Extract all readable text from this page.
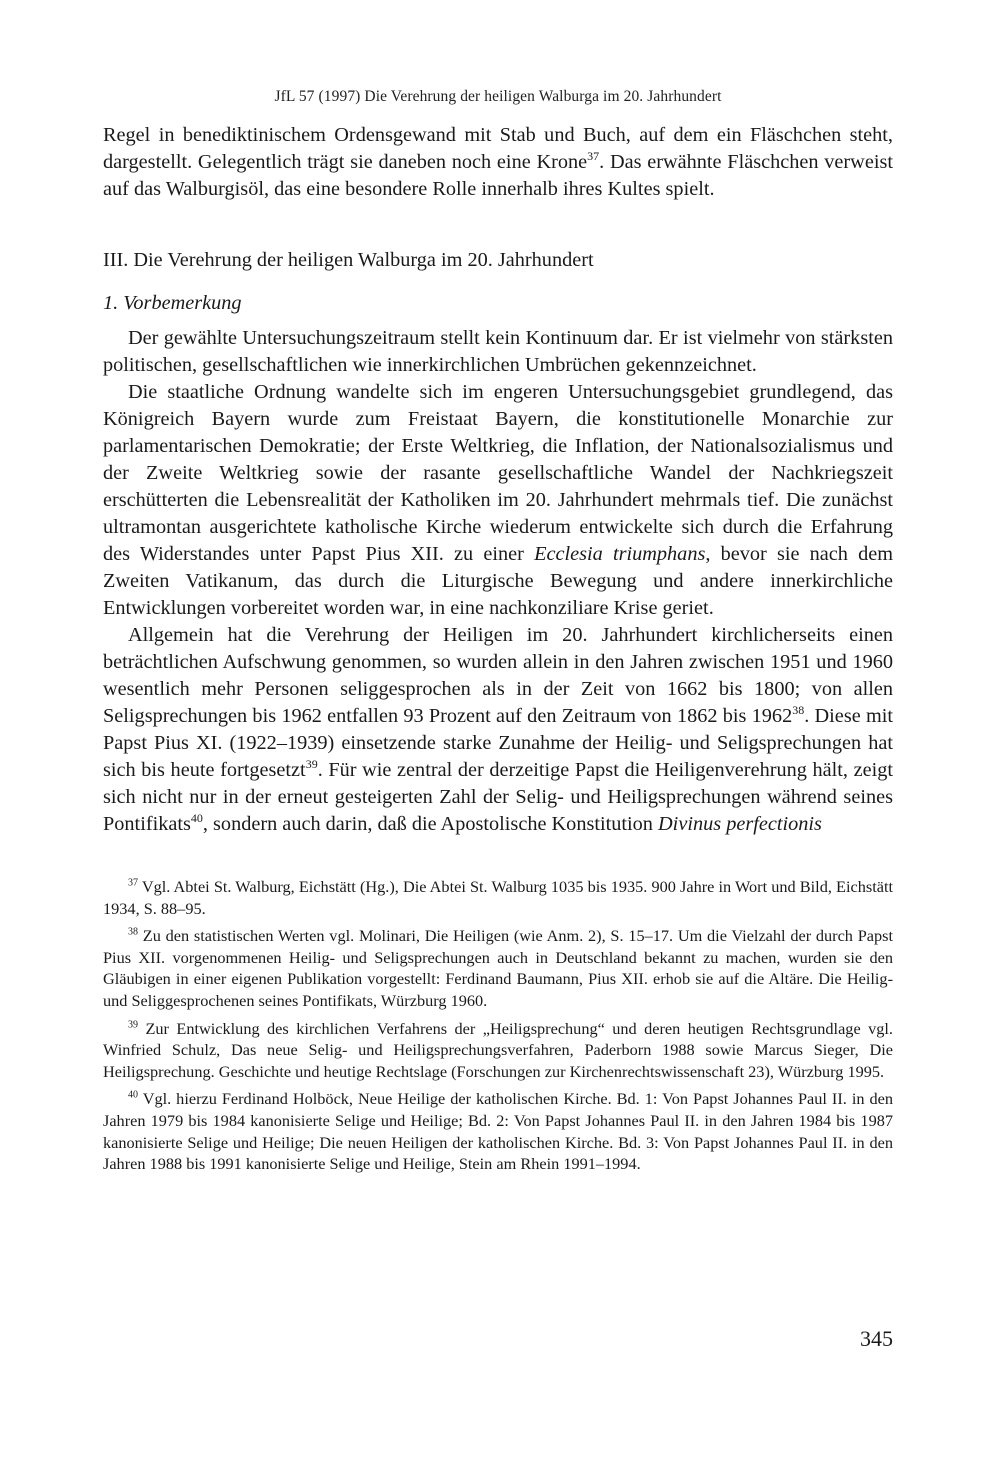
JfL 57 (1997) Die Verehrung der heiligen Walburga im 20. Jahrhundert

Regel in benediktinischem Ordensgewand mit Stab und Buch, auf dem ein Fläschchen steht, dargestellt. Gelegentlich trägt sie daneben noch eine Krone$^{37}$. Das erwähnte Fläschchen verweist auf das Walburgisöl, das eine besondere Rolle innerhalb ihres Kultes spielt.

III. Die Verehrung der heiligen Walburga im 20. Jahrhundert
1. Vorbemerkung

Der gewählte Untersuchungszeitraum stellt kein Kontinuum dar. Er ist vielmehr von stärksten politischen, gesellschaftlichen wie innerkirchlichen Umbrüchen gekennzeichnet.

Die staatliche Ordnung wandelte sich im engeren Untersuchungsgebiet grundlegend, das Königreich Bayern wurde zum Freistaat Bayern, die konstitutionelle Monarchie zur parlamentarischen Demokratie; der Erste Weltkrieg, die Inflation, der Nationalsozialismus und der Zweite Weltkrieg sowie der rasante gesellschaftliche Wandel der Nachkriegszeit erschütterten die Lebensrealität der Katholiken im 20. Jahrhundert mehrmals tief. Die zunächst ultramontan ausgerichtete katholische Kirche wiederum entwickelte sich durch die Erfahrung des Widerstandes unter Papst Pius XII. zu einer Ecclesia triumphans, bevor sie nach dem Zweiten Vatikanum, das durch die Liturgische Bewegung und andere innerkirchliche Entwicklungen vorbereitet worden war, in eine nachkonziliare Krise geriet.

Allgemein hat die Verehrung der Heiligen im 20. Jahrhundert kirchlicherseits einen beträchtlichen Aufschwung genommen, so wurden allein in den Jahren zwischen 1951 und 1960 wesentlich mehr Personen seliggesprochen als in der Zeit von 1662 bis 1800; von allen Seligsprechungen bis 1962 entfallen 93 Prozent auf den Zeitraum von 1862 bis 1962$^{38}$. Diese mit Papst Pius XI. (1922–1939) einsetzende starke Zunahme der Heilig- und Seligsprechungen hat sich bis heute fortgesetzt$^{39}$. Für wie zentral der derzeitige Papst die Heiligenverehrung hält, zeigt sich nicht nur in der erneut gesteigerten Zahl der Selig- und Heiligsprechungen während seines Pontifikats$^{40}$, sondern auch darin, daß die Apostolische Konstitution Divinus perfectionis

$^{37}$ Vgl. Abtei St. Walburg, Eichstätt (Hg.), Die Abtei St. Walburg 1035 bis 1935. 900 Jahre in Wort und Bild, Eichstätt 1934, S. 88–95.

$^{38}$ Zu den statistischen Werten vgl. Molinari, Die Heiligen (wie Anm. 2), S. 15–17. Um die Vielzahl der durch Papst Pius XII. vorgenommenen Heilig- und Seligsprechungen auch in Deutschland bekannt zu machen, wurden sie den Gläubigen in einer eigenen Publikation vorgestellt: Ferdinand Baumann, Pius XII. erhob sie auf die Altäre. Die Heilig- und Seliggesprochenen seines Pontifikats, Würzburg 1960.

$^{39}$ Zur Entwicklung des kirchlichen Verfahrens der „Heiligsprechung“ und deren heutigen Rechtsgrundlage vgl. Winfried Schulz, Das neue Selig- und Heiligsprechungsverfahren, Paderborn 1988 sowie Marcus Sieger, Die Heiligsprechung. Geschichte und heutige Rechtslage (Forschungen zur Kirchenrechtswissenschaft 23), Würzburg 1995.

$^{40}$ Vgl. hierzu Ferdinand Holböck, Neue Heilige der katholischen Kirche. Bd. 1: Von Papst Johannes Paul II. in den Jahren 1979 bis 1984 kanonisierte Selige und Heilige; Bd. 2: Von Papst Johannes Paul II. in den Jahren 1984 bis 1987 kanonisierte Selige und Heilige; Die neuen Heiligen der katholischen Kirche. Bd. 3: Von Papst Johannes Paul II. in den Jahren 1988 bis 1991 kanonisierte Selige und Heilige, Stein am Rhein 1991–1994.

345
